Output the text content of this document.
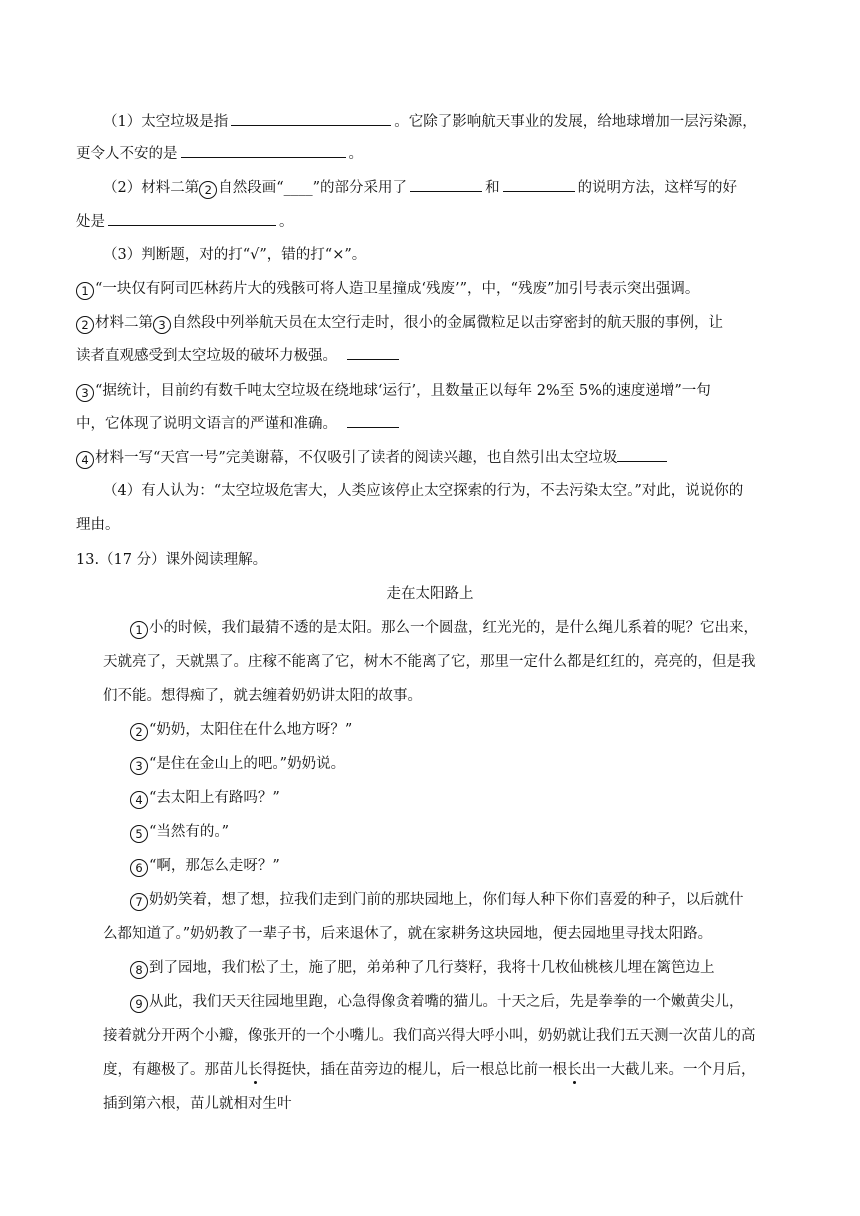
（1）太空垃圾是指	。它除了影响航天事业的发展，给地球增加一层污染源，
更令人不安的是	。
（2）材料二第 2 自然段画“____”的部分采用了	和	的说明方法，这样写的好
处是	。
（3）判断题，对的打“√”，错的打“×”。
1 “一块仅有阿司匹林药片大的残骸可将人造卫星撞成‘残废’”，中，“残废”加引号表示突出强调。
2 材料二第 3 自然段中列举航天员在太空行走时，很小的金属微粒足以击穿密封的航天服的事例，让
读者直观感受到太空垃圾的破坏力极强。
3 “据统计，目前约有数千吨太空垃圾在绕地球‘运行’，且数量正以每年 2%至 5%的速度递增”一句
中，它体现了说明文语言的严谨和准确。
4 材料一写“天宫一号”完美谢幕，不仅吸引了读者的阅读兴趣，也自然引出太空垃圾
（4）有人认为：“太空垃圾危害大，人类应该停止太空探索的行为，不去污染太空。”对此，说说你的
理由。
13.（17 分）课外阅读理解。
走在太阳路上
1 小的时候，我们最猜不透的是太阳。那么一个圆盘，红光光的，是什么绳儿系着的呢？它出来，
天就亮了，天就黑了。庄稼不能离了它，树木不能离了它，那里一定什么都是红红的，亮亮的，但是我
们不能。想得痴了，就去缠着奶奶讲太阳的故事。
2 “奶奶，太阳住在什么地方呀？”
3 “是住在金山上的吧。”奶奶说。
4 “去太阳上有路吗？”
5 “当然有的。”
6 “啊，那怎么走呀？”
7 奶奶笑着，想了想，拉我们走到门前的那块园地上，你们每人种下你们喜爱的种子，以后就什
么都知道了。”奶奶教了一辈子书，后来退休了，就在家耕务这块园地，便去园地里寻找太阳路。
8 到了园地，我们松了土，施了肥，弟弟种了几行葵籽，我将十几枚仙桃核儿埋在篱笆边上
9 从此，我们天天往园地里跑，心急得像贪着嘴的猫儿。十天之后，先是拳拳的一个嫩黄尖儿，
接着就分开两个小瓣，像张开的一个小嘴儿。我们高兴得大呼小叫，奶奶就让我们五天测一次苗儿的高
度，有趣极了。那苗儿长得挺快，插在苗旁边的棍儿，后一根总比前一根长出一大截儿来。一个月后，
插到第六根，苗儿就相对生叶
